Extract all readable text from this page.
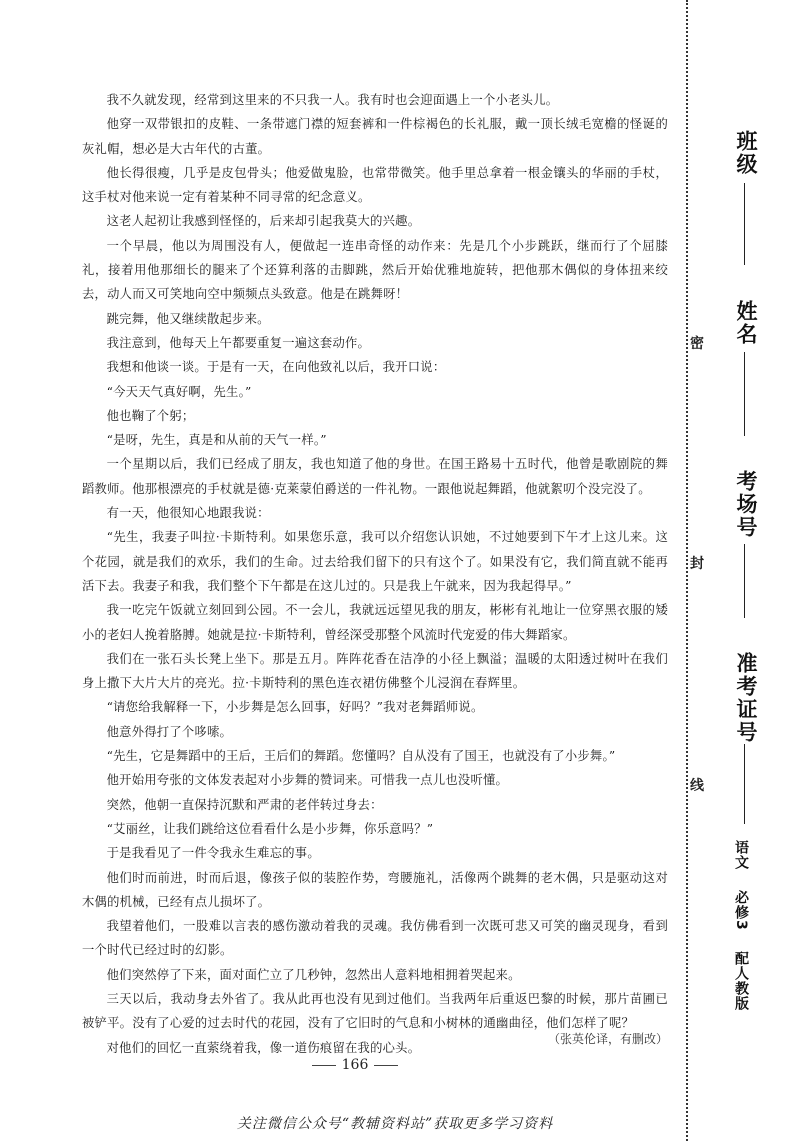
我不久就发现，经常到这里来的不只我一人。我有时也会迎面遇上一个小老头儿。

他穿一双带银扣的皮鞋、一条带遮门襟的短套裤和一件棕褐色的长礼服，戴一顶长绒毛宽檐的怪诞的灰礼帽，想必是大古年代的古董。

他长得很瘦，几乎是皮包骨头；他爱做鬼脸，也常带微笑。他手里总拿着一根金镶头的华丽的手杖，这手杖对他来说一定有着某种不同寻常的纪念意义。

这老人起初让我感到怪怪的，后来却引起我莫大的兴趣。

一个早晨，他以为周围没有人，便做起一连串奇怪的动作来：先是几个小步跳跃，继而行了个屈膝礼，接着用他那细长的腿来了个还算利落的击脚跳，然后开始优雅地旋转，把他那木偶似的身体扭来绞去，动人而又可笑地向空中频频点头致意。他是在跳舞呀！

跳完舞，他又继续散起步来。

我注意到，他每天上午都要重复一遍这套动作。

我想和他谈一谈。于是有一天，在向他致礼以后，我开口说：

“今天天气真好啊，先生。”

他也鞠了个躬；

“是呀，先生，真是和从前的天气一样。”

一个星期以后，我们已经成了朋友，我也知道了他的身世。在国王路易十五时代，他曾是歌剧院的舞蹈教师。他那根漂亮的手杖就是德·克莱蒙伯爵送的一件礼物。一跟他说起舞蹈，他就絮叨个没完没了。

有一天，他很知心地跟我说：

“先生，我妻子叫拉·卡斯特利。如果您乐意，我可以介绍您认识她，不过她要到下午才上这儿来。这个花园，就是我们的欢乐，我们的生命。过去给我们留下的只有这个了。如果没有它，我们简直就不能再活下去。我妻子和我，我们整个下午都是在这儿过的。只是我上午就来，因为我起得早。”

我一吃完午饭就立刻回到公园。不一会儿，我就远远望见我的朋友，彬彬有礼地让一位穿黑衣服的矮小的老妇人挽着胳膊。她就是拉·卡斯特利，曾经深受那整个风流时代宠爱的伟大舞蹈家。

我们在一张石头长凳上坐下。那是五月。阵阵花香在洁净的小径上飘溢；温暖的太阳透过树叶在我们身上撒下大片大片的亮光。拉·卡斯特利的黑色连衣裙仿佛整个儿浸润在春辉里。

“请您给我解释一下，小步舞是怎么回事，好吗？”我对老舞蹈师说。

他意外得打了个哆嗦。

“先生，它是舞蹈中的王后，王后们的舞蹈。您懂吗？自从没有了国王，也就没有了小步舞。”

他开始用夸张的文体发表起对小步舞的赞词来。可惜我一点儿也没听懂。

突然，他朝一直保持沉默和严肃的老伴转过身去：

“艾丽丝，让我们跳给这位看看什么是小步舞，你乐意吗？”

于是我看见了一件令我永生难忘的事。

他们时而前进，时而后退，像孩子似的装腔作势，弯腰施礼，活像两个跳舞的老木偶，只是驱动这对木偶的机械，已经有点儿损坏了。

我望着他们，一股难以言表的感伤激动着我的灵魂。我仿佛看到一次既可悲又可笑的幽灵现身，看到一个时代已经过时的幻影。

他们突然停了下来，面对面伫立了几秒钟，忽然出人意料地相拥着哭起来。

三天以后，我动身去外省了。我从此再也没有见到过他们。当我两年后重返巴黎的时候，那片苗圃已被铲平。没有了心爱的过去时代的花园，没有了它旧时的气息和小树林的通幽曲径，他们怎样了呢？

对他们的回忆一直萦绕着我，像一道伤痕留在我的心头。

（张英伦译，有删改）
166
关注微信公众号“教辅资料站”获取更多学习资料
班级
姓名
考场号
准考证号
密
封
线
语文 必修3 配人教版
